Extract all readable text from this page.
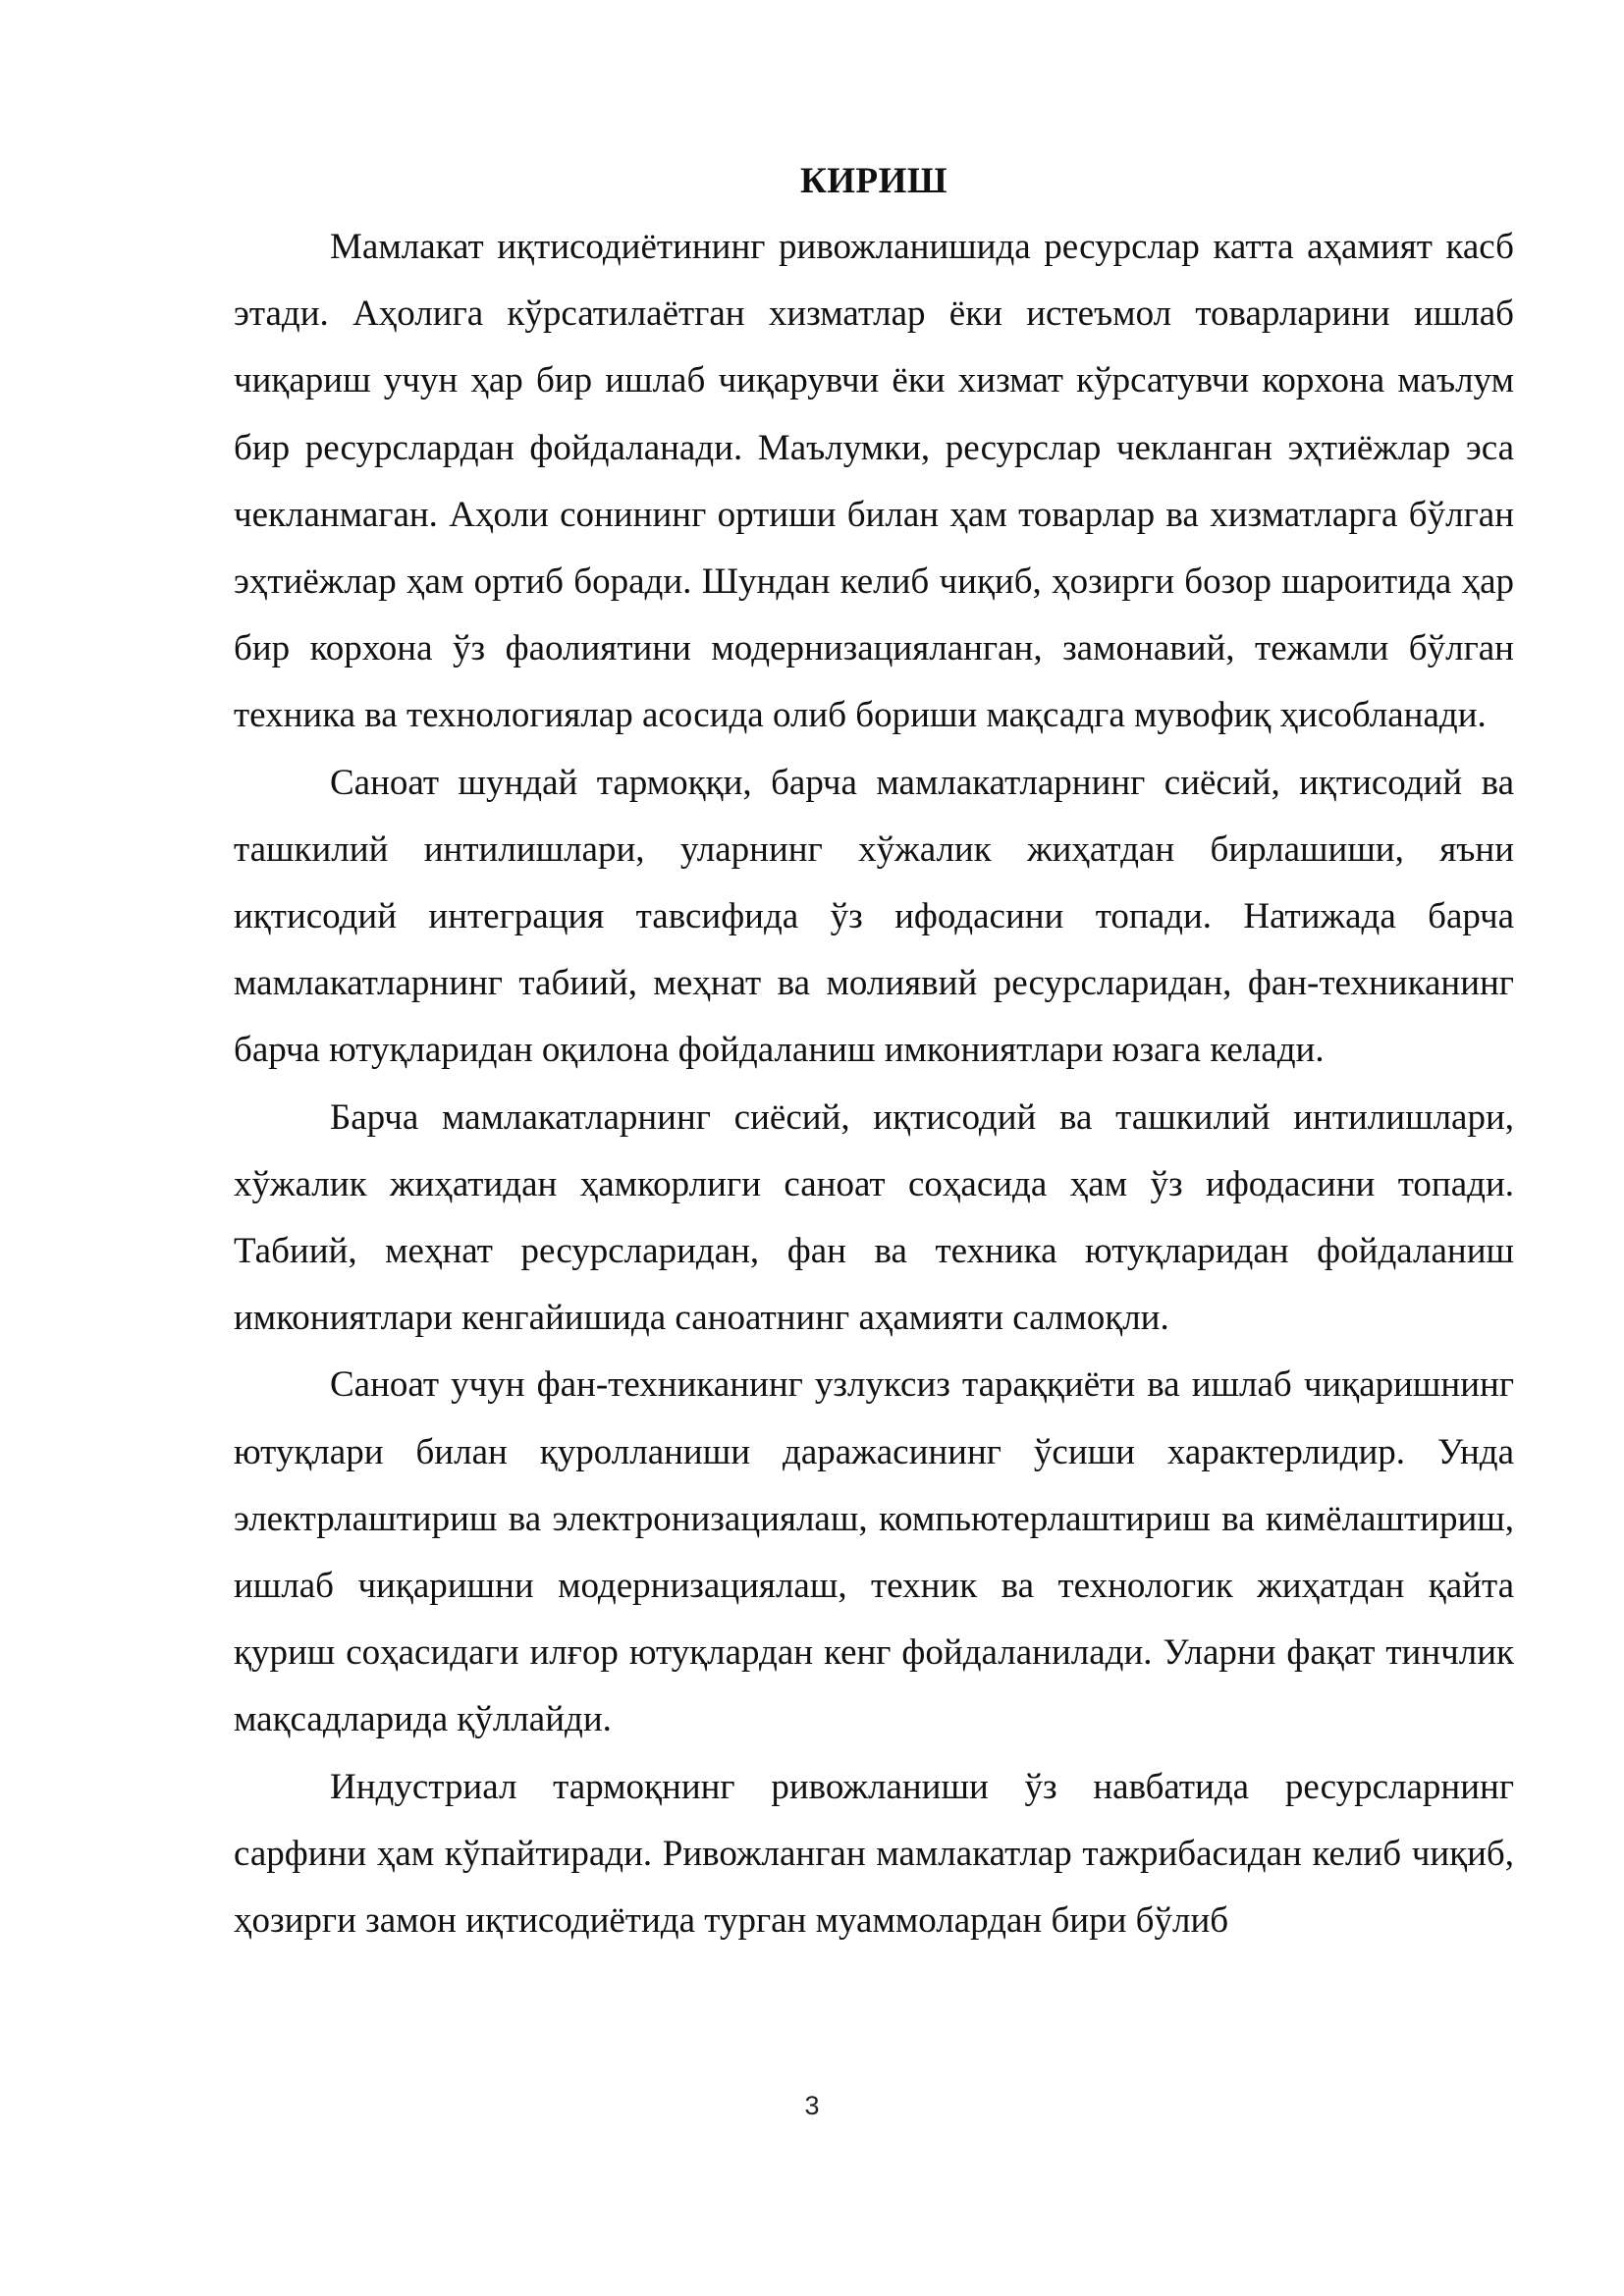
КИРИШ

Мамлакат иқтисодиётининг ривожланишида ресурслар катта аҳамият касб этади. Аҳолига кўрсатилаётган хизматлар ёки истеъмол товарларини ишлаб чиқариш учун ҳар бир ишлаб чиқарувчи ёки хизмат кўрсатувчи корхона маълум бир ресурслардан фойдаланади. Маълумки, ресурслар чекланган эҳтиёжлар эса чекланмаган. Аҳоли сонининг ортиши билан ҳам товарлар ва хизматларга бўлган эҳтиёжлар ҳам ортиб боради. Шундан келиб чиқиб, ҳозирги бозор шароитида ҳар бир корхона ўз фаолиятини модернизацияланган, замонавий, тежамли бўлган техника ва технологиялар асосида олиб бориши мақсадга мувофиқ ҳисобланади.

Саноат шундай тармоққи, барча мамлакатларнинг сиёсий, иқтисодий ва ташкилий интилишлари, уларнинг хўжалик жиҳатдан бирлашиши, яъни иқтисодий интеграция тавсифида ўз ифодасини топади. Натижада барча мамлакатларнинг табиий, меҳнат ва молиявий ресурсларидан, фан-техниканинг барча ютуқларидан оқилона фойдаланиш имкониятлари юзага келади.

Барча мамлакатларнинг сиёсий, иқтисодий ва ташкилий интилишлари, хўжалик жиҳатидан ҳамкорлиги саноат соҳасида ҳам ўз ифодасини топади. Табиий, меҳнат ресурсларидан, фан ва техника ютуқларидан фойдаланиш имкониятлари кенгайишида саноатнинг аҳамияти салмоқли.

Саноат учун фан-техниканинг узлуксиз тараққиёти ва ишлаб чиқаришнинг ютуқлари билан қуролланиши даражасининг ўсиши характерлидир. Унда электрлаштириш ва электронизациялаш, компьютерлаштириш ва кимёлаштириш, ишлаб чиқаришни модернизациялаш, техник ва технологик жиҳатдан қайта қуриш соҳасидаги илғор ютуқлардан кенг фойдаланилади. Уларни фақат тинчлик мақсадларида қўллайди.

Индустриал тармоқнинг ривожланиши ўз навбатида ресурсларнинг сарфини ҳам кўпайтиради. Ривожланган мамлакатлар тажрибасидан келиб чиқиб, ҳозирги замон иқтисодиётида турган муаммолардан бири бўлиб

3
